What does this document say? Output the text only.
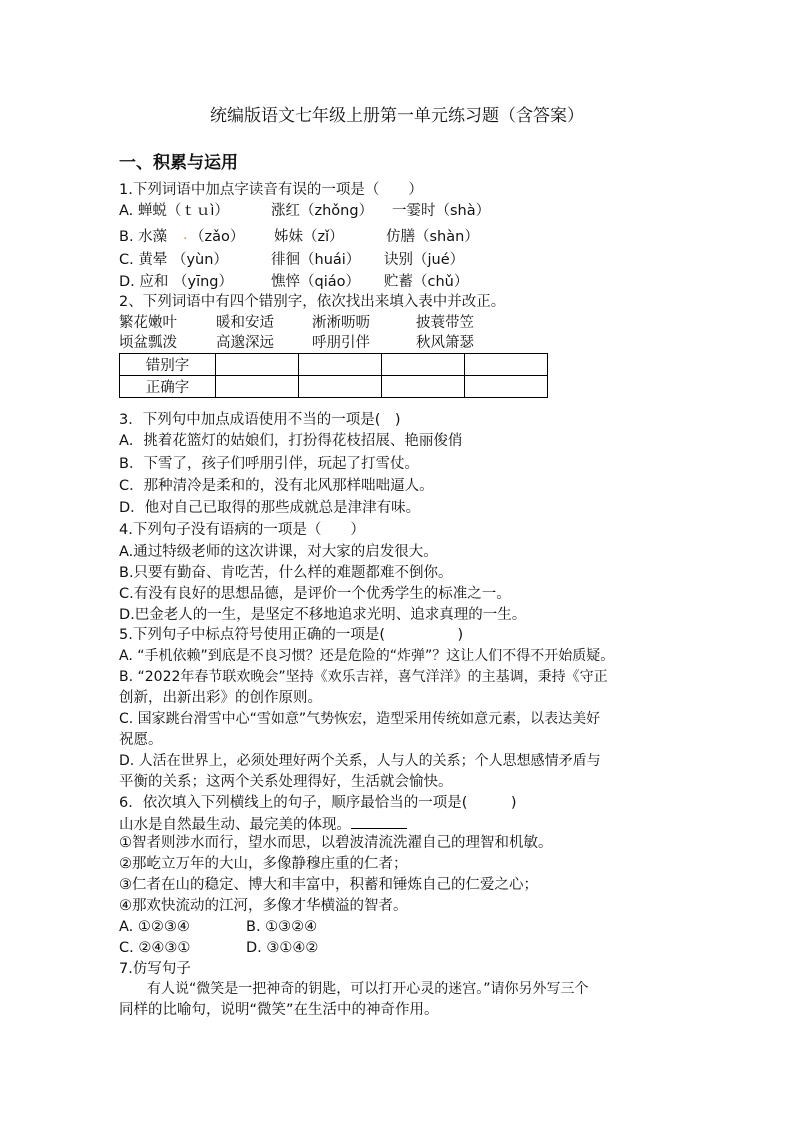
统编版语文七年级上册第一单元练习题（含答案）
一、积累与运用
1.下列词语中加点字读音有误的一项是（　　）
A. 蝉蜕（ｔｕì）	涨红（zhǒng） 一霎时（shà）
B. 水藻 . （zǎo） 姊妹（zǐ）	仿膳（shàn）
C. 黄晕 （yùn）	徘徊（huái） 诀别（jué）
D. 应和 （yīng）	憔悴（qiáo） 贮蓄（chǔ）
2、下列词语中有四个错别字，依次找出来填入表中并改正。
繁花嫩叶	暖和安适	淅淅呖呖	披蓑带笠
顷盆瓢泼	高邈深远	呼朋引伴	秋风箫瑟
错别字				
正确字				
3．下列句中加点成语使用不当的一项是(　)
A．挑着花篮灯的姑娘们，打扮得花枝招展、艳丽俊俏
B．下雪了，孩子们呼朋引伴，玩起了打雪仗。
C．那种清冷是柔和的，没有北风那样咄咄逼人。
D．他对自己已取得的那些成就总是津津有味。
4.下列句子没有语病的一项是（　　）
A.通过特级老师的这次讲课，对大家的启发很大。
B.只要有勤奋、肯吃苦，什么样的难题都难不倒你。
C.有没有良好的思想品德，是评价一个优秀学生的标准之一。
D.巴金老人的一生，是坚定不移地追求光明、追求真理的一生。
5.下列句子中标点符号使用正确的一项是(　　　　　)
A. “手机依赖”到底是不良习惯？还是危险的“炸弹”？这让人们不得不开始质疑。
B. “2022年春节联欢晚会”坚持《欢乐吉祥，喜气洋洋》的主基调，秉持《守正
创新，出新出彩》的创作原则。
C. 国家跳台滑雪中心“雪如意”气势恢宏，造型采用传统如意元素，以表达美好
祝愿。
D. 人活在世界上，必须处理好两个关系，人与人的关系；个人思想感情矛盾与
平衡的关系；这两个关系处理得好，生活就会愉快。
6．依次填入下列横线上的句子，顺序最恰当的一项是(　　　)
山水是自然最生动、最完美的体现。
①智者则涉水而行，望水而思，以碧波清流洗濯自己的理智和机敏。
②那屹立万年的大山，多像静穆庄重的仁者；
③仁者在山的稳定、博大和丰富中，积蓄和锤炼自己的仁爱之心；
④那欢快流动的江河，多像才华横溢的智者。
A. ①②③④	B. ①③②④
C. ②④③①	D. ③①④②
7.仿写句子
　　有人说“微笑是一把神奇的钥匙，可以打开心灵的迷宫。”请你另外写三个
同样的比喻句，说明“微笑”在生活中的神奇作用。
